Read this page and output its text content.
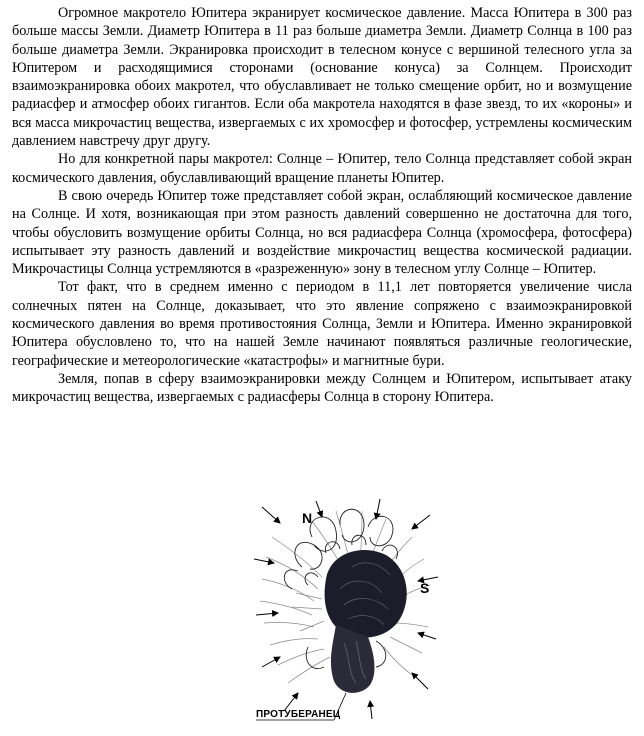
Огромное макротело Юпитера экранирует космическое давление. Масса Юпитера в 300 раз больше массы Земли. Диаметр Юпитера в 11 раз больше диаметра Земли. Диаметр Солнца в 100 раз больше диаметра Земли. Экранировка происходит в телесном конусе с вершиной телесного угла за Юпитером и расходящимися сторонами (основание конуса) за Солнцем. Происходит взаимоэкранировка обоих макротел, что обуславливает не только смещение орбит, но и возмущение радиасфер и атмосфер обоих гигантов. Если оба макротела находятся в фазе звезд, то их «короны» и вся масса микрочастиц вещества, извергаемых с их хромосфер и фотосфер, устремлены космическим давлением навстречу друг другу.

Но для конкретной пары макротел: Солнце – Юпитер, тело Солнца представляет собой экран космического давления, обуславливающий вращение планеты Юпитер.

В свою очередь Юпитер тоже представляет собой экран, ослабляющий космическое давление на Солнце. И хотя, возникающая при этом разность давлений совершенно не достаточна для того, чтобы обусловить возмущение орбиты Солнца, но вся радиасфера Солнца (хромосфера, фотосфера) испытывает эту разность давлений и воздействие микрочастиц вещества космической радиации. Микрочастицы Солнца устремляются в «разреженную» зону в телесном углу Солнце – Юпитер.

Тот факт, что в среднем именно с периодом в 11,1 лет повторяется увеличение числа солнечных пятен на Солнце, доказывает, что это явление сопряжено с взаимоэкранировкой космического давления во время противостояния Солнца, Земли и Юпитера. Именно экранировкой Юпитера обусловлено то, что на нашей Земле начинают появляться различные геологические, географические и метеорологические «катастрофы» и магнитные бури.

Земля, попав в сферу взаимоэкранировки между Солнцем и Юпитером, испытывает атаку микрочастиц вещества, извергаемых с радиасферы Солнца в сторону Юпитера.

N
S
ПРОТУБЕРАНЕЦ
